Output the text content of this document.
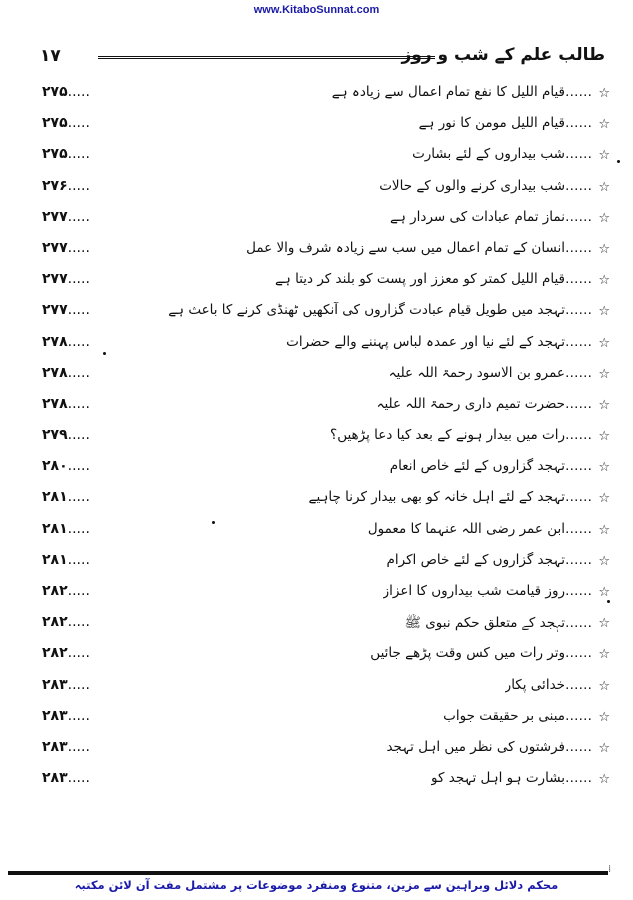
www.KitaboSunnat.com
۱۷	طالب علم کے شب و روز
☆
…… قیام اللیل کا نفع تمام اعمال سے زیادہ ہے
۲۷۵ .....
☆
…… قیام اللیل مومن کا نور ہے
۲۷۵ .....
☆
…… شب بیداروں کے لئے بشارت
۲۷۵ .....
☆
…… شب بیداری کرنے والوں کے حالات
۲۷۶ .....
☆
…… نماز تمام عبادات کی سردار ہے
۲۷۷ .....
☆
…… انسان کے تمام اعمال میں سب سے زیادہ شرف والا عمل
۲۷۷ .....
☆
…… قیام اللیل کمتر کو معزز اور پست کو بلند کر دیتا ہے
۲۷۷ .....
☆
…… تہجد میں طویل قیام عبادت گزاروں کی آنکھیں ٹھنڈی کرنے کا باعث ہے
۲۷۷ .....
☆
…… تہجد کے لئے نیا اور عمدہ لباس پہننے والے حضرات
۲۷۸ .....
☆
…… عمرو بن الاسود رحمۃ اللہ علیہ
۲۷۸ .....
☆
…… حضرت تمیم داری رحمۃ اللہ علیہ
۲۷۸ .....
☆
…… رات میں بیدار ہونے کے بعد کیا دعا پڑھیں؟
۲۷۹ .....
☆
…… تہجد گزاروں کے لئے خاص انعام
۲۸۰ .....
☆
…… تہجد کے لئے اہل خانہ کو بھی بیدار کرنا چاہیے
۲۸۱ .....
☆
…… ابن عمر رضی اللہ عنہما کا معمول
۲۸۱ .....
☆
…… تہجد گزاروں کے لئے خاص اکرام
۲۸۱ .....
☆
…… روز قیامت شب بیداروں کا اعزاز
۲۸۲ .....
☆
…… تہجد کے متعلق حکم نبوی ﷺ
۲۸۲ .....
☆
…… وتر رات میں کس وقت پڑھے جائیں
۲۸۲ .....
☆
…… خدائی پکار
۲۸۳ .....
☆
…… مبنی بر حقیقت جواب
۲۸۳ .....
☆
…… فرشتوں کی نظر میں اہل تہجد
۲۸۳ .....
☆
…… بشارت ہو اہل تہجد کو
۲۸۳ .....
⁞
محکم دلائل وبراہین سے مزین، متنوع ومنفرد موضوعات پر مشتمل مفت آن لائن مکتبہ
